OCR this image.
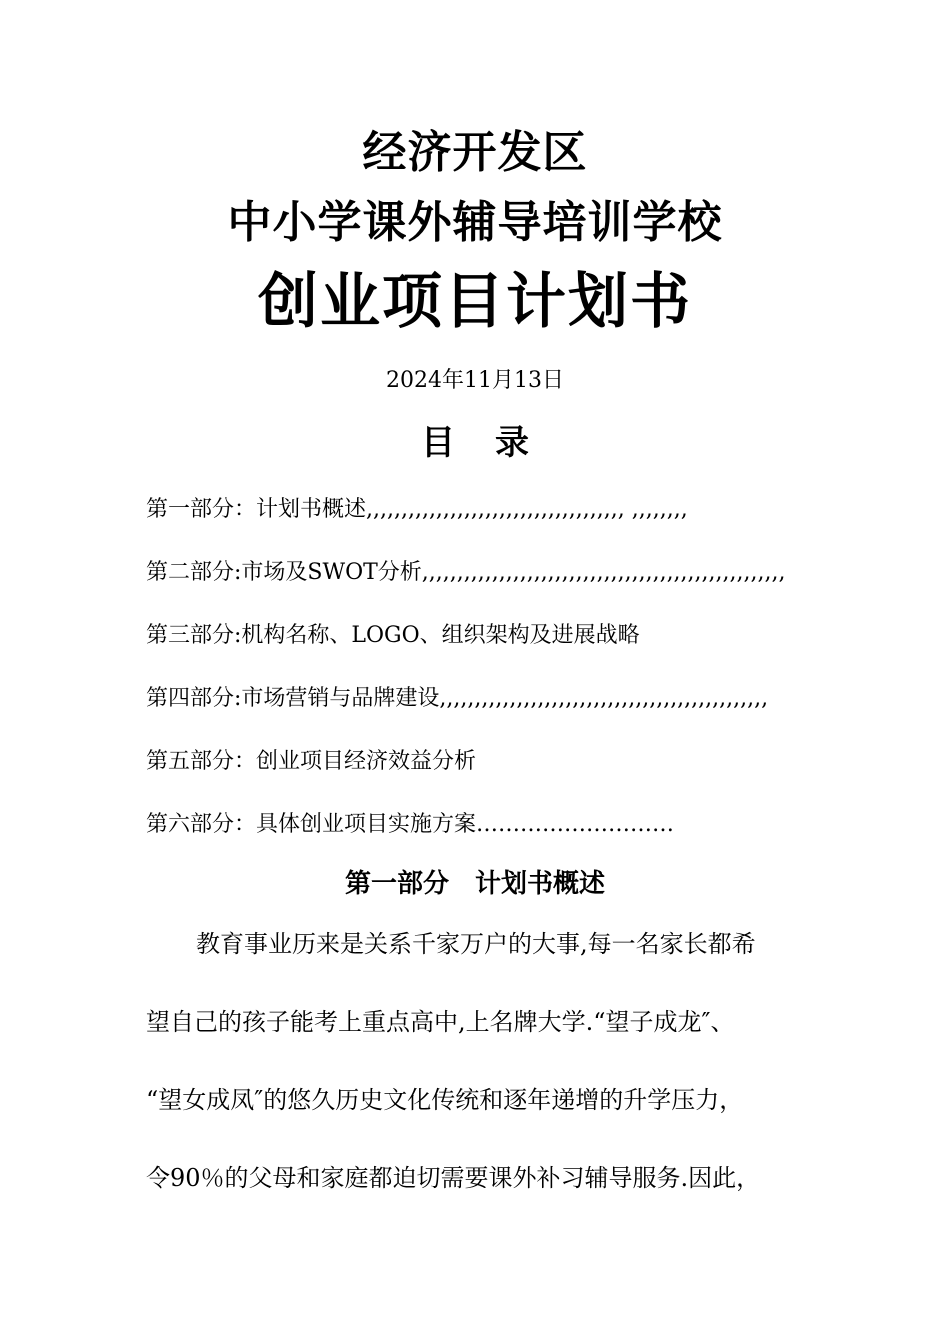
经济开发区
中小学课外辅导培训学校
创业项目计划书
2024年11月13日
目 录
第一部分：计划书概述,,,,,,,,,,,,,,,,,,,,,,,,,,,,,,,,,,,,, ,,,,,,,,
第二部分:市场及SWOT分析,,,,,,,,,,,,,,,,,,,,,,,,,,,,,,,,,,,,,,,,,,,,,,,,,,,,
第三部分:机构名称、LOGO、组织架构及进展战略
第四部分:市场营销与品牌建设,,,,,,,,,,,,,,,,,,,,,,,,,,,,,,,,,,,,,,,,,,,,,,,
第五部分：创业项目经济效益分析
第六部分：具体创业项目实施方案………………………
第一部分　计划书概述
教育事业历来是关系千家万户的大事,每一名家长都希
望自己的孩子能考上重点高中,上名牌大学.“望子成龙″、
“望女成凤″的悠久历史文化传统和逐年递增的升学压力，
令90％的父母和家庭都迫切需要课外补习辅导服务.因此，
